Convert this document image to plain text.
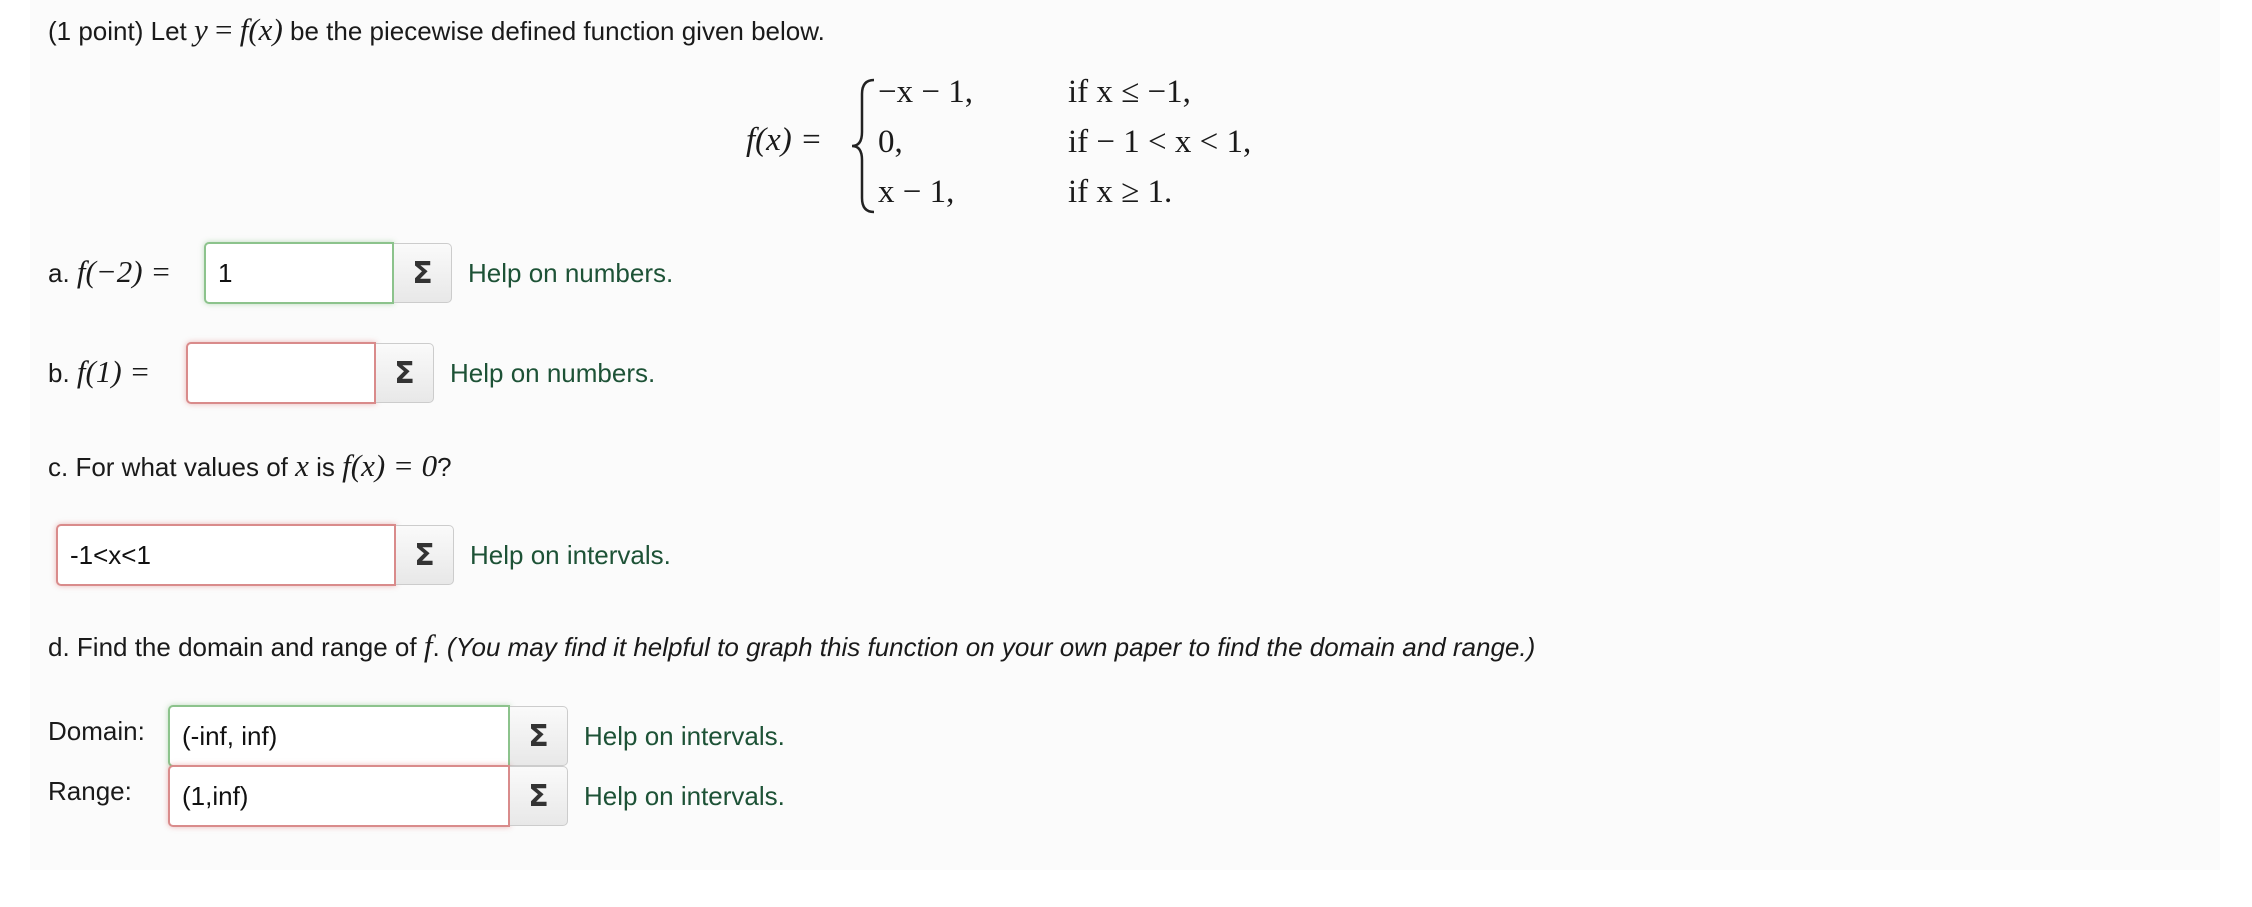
(1 point) Let y = f(x) be the piecewise defined function given below.
f(x) =
−x − 1,	if x ≤ −1,
0,	if − 1 < x < 1,
x − 1,	if x ≥ 1.
a. f(−2) =
1	Σ	Help on numbers.
b. f(1) =	Σ	Help on numbers.
c. For what values of x is f(x) = 0?
-1<x<1
Σ	Help on intervals.
d. Find the domain and range of f. (You may find it helpful to graph this function on your own paper to find the domain and range.)
Domain:
(-inf, inf)	Σ	Help on intervals.
Range:
(1,inf)	Σ	Help on intervals.
